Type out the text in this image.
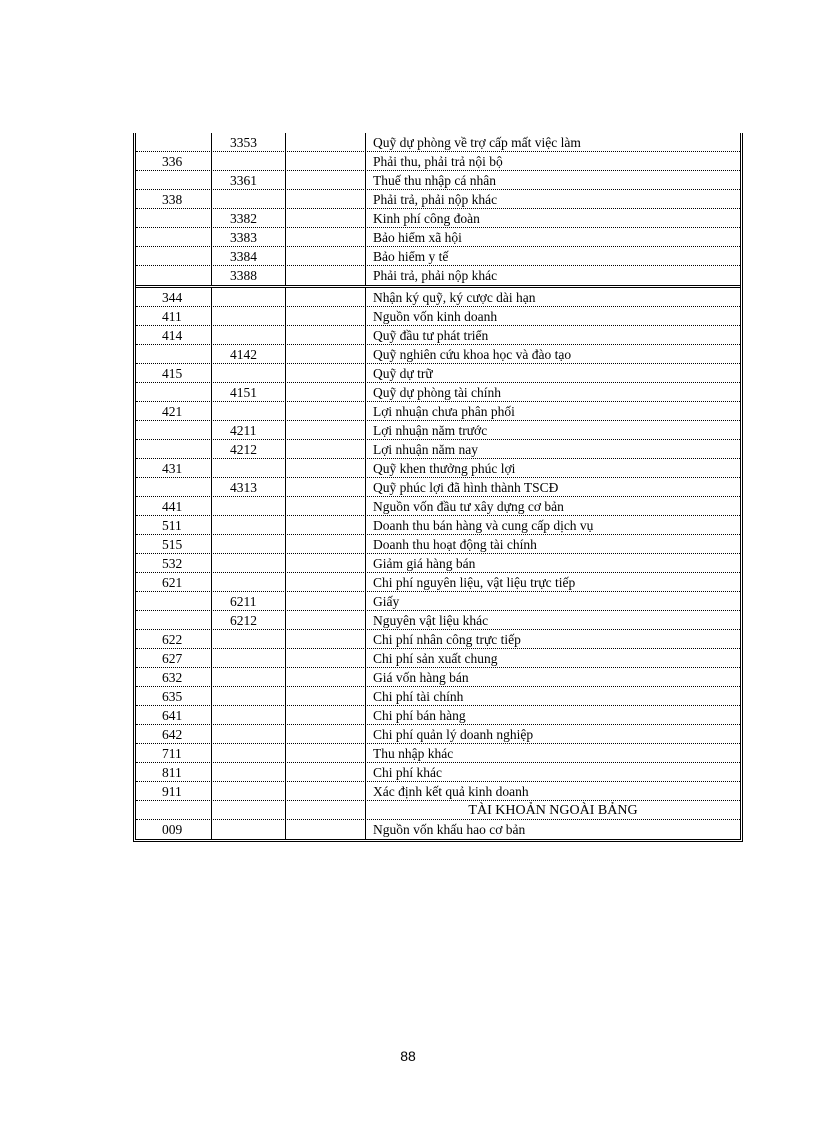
3353	Quỹ dự phòng về trợ cấp mất việc làm
336	Phải thu, phải trả nội bộ
3361	Thuế thu nhập cá nhân
338	Phải trả, phải nộp khác
3382	Kinh phí công đoàn
3383	Bảo hiểm xã hội
3384	Bảo hiểm y tế
3388	Phải trả, phải nộp khác
344	Nhận ký quỹ, ký cược dài hạn
411	Nguồn vốn kinh doanh
414	Quỹ đầu tư phát triển
4142	Quỹ nghiên cứu khoa học và đào tạo
415	Quỹ dự trữ
4151	Quỹ dự phòng tài chính
421	Lợi nhuận chưa phân phối
4211	Lợi nhuận năm trước
4212	Lợi nhuận năm nay
431	Quỹ khen thưởng phúc lợi
4313	Quỹ phúc lợi đã hình thành TSCĐ
441	Nguồn vốn đầu tư xây dựng cơ bản
511	Doanh thu bán hàng và cung cấp dịch vụ
515	Doanh thu hoạt động tài chính
532	Giảm giá hàng bán
621	Chi phí nguyên liệu, vật liệu trực tiếp
6211	Giấy
6212	Nguyên vật liệu khác
622	Chi phí nhân công trực tiếp
627	Chi phí sản xuất chung
632	Giá vốn hàng bán
635	Chi phí tài chính
641	Chi phí bán hàng
642	Chi phí quản lý doanh nghiệp
711	Thu nhập khác
811	Chi phí khác
911	Xác định kết quả kinh doanh
TÀI KHOẢN NGOÀI BẢNG
009	Nguồn vốn khấu hao cơ bản
88
